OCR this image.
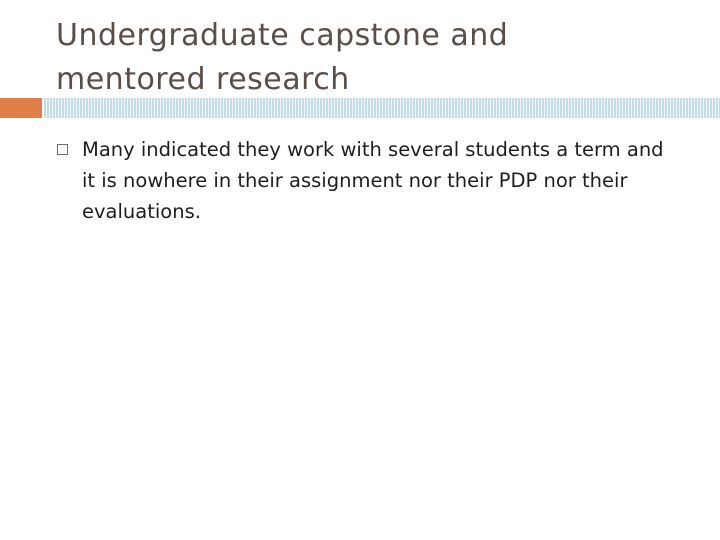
Undergraduate capstone and mentored research
Many indicated they work with several students a term and it is nowhere in their assignment nor their PDP nor their evaluations.
